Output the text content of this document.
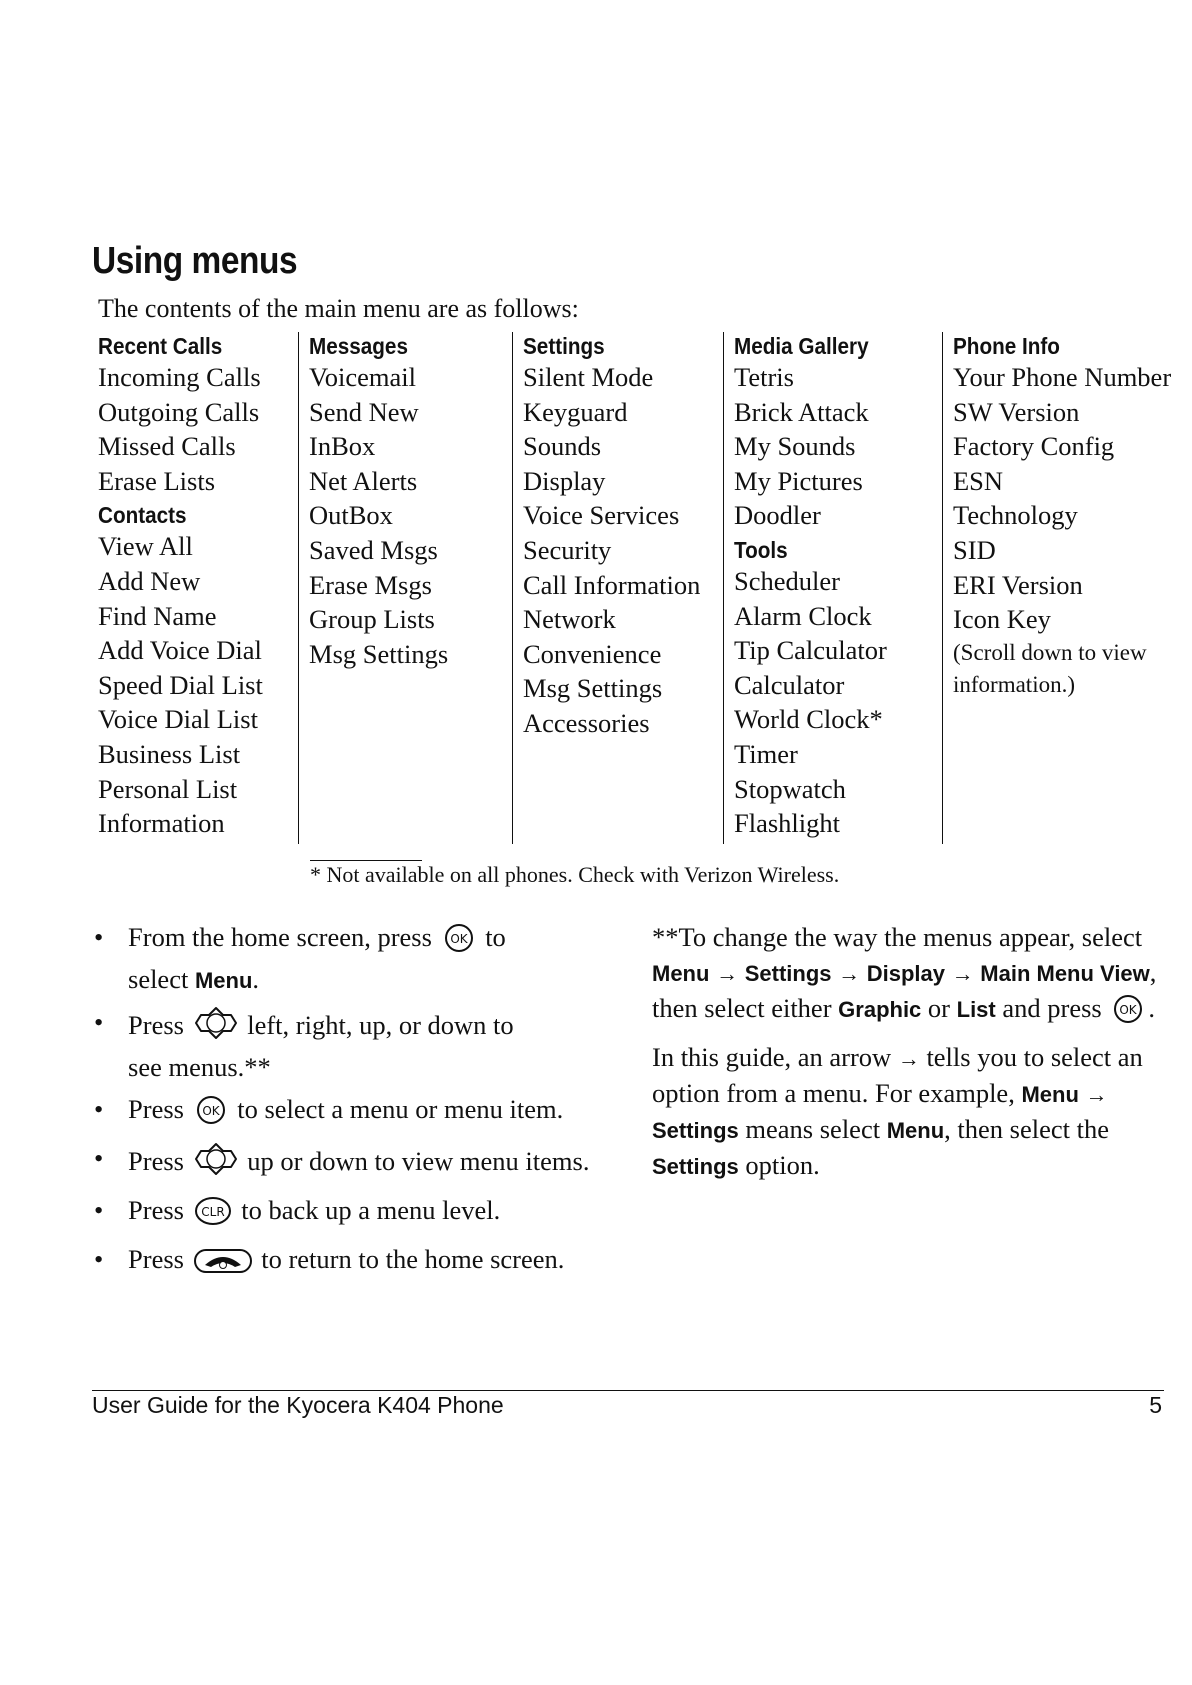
Using menus
The contents of the main menu are as follows:
Recent Calls
Incoming Calls
Outgoing Calls
Missed Calls
Erase Lists
Contacts
View All
Add New
Find Name
Add Voice Dial
Speed Dial List
Voice Dial List
Business List
Personal List
Information
Messages
Voicemail
Send New
InBox
Net Alerts
OutBox
Saved Msgs
Erase Msgs
Group Lists
Msg Settings
Settings
Silent Mode
Keyguard
Sounds
Display
Voice Services
Security
Call Information
Network
Convenience
Msg Settings
Accessories
Media Gallery
Tetris
Brick Attack
My Sounds
My Pictures
Doodler
Tools
Scheduler
Alarm Clock
Tip Calculator
Calculator
World Clock*
Timer
Stopwatch
Flashlight
Phone Info
Your Phone Number
SW Version
Factory Config
ESN
Technology
SID
ERI Version
Icon Key
(Scroll down to view
information.)
* Not available on all phones. Check with Verizon Wireless.
• From the home screen, press OK to
select Menu.
• Press left, right, up, or down to
see menus.**
• Press OK to select a menu or menu item.
• Press up or down to view menu items.
• Press CLR to back up a menu level.
• Press	to return to the home screen.

**To change the way the menus appear, select
Menu → Settings → Display → Main Menu View,
then select either Graphic or List and press OK .

In this guide, an arrow → tells you to select an
option from a menu. For example, Menu →
Settings means select Menu, then select the
Settings option.

User Guide for the Kyocera K404 Phone	5
